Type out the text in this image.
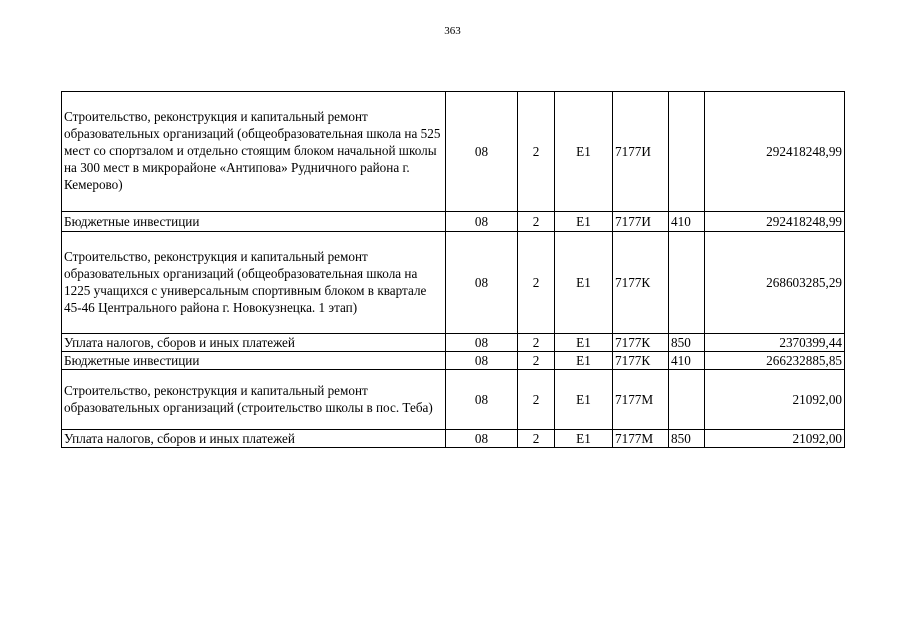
363
Строительство, реконструкция и капитальный ремонт образовательных организаций (общеобразовательная школа на 525 мест со спортзалом и отдельно стоящим блоком начальной школы на 300 мест в микрорайоне «Антипова» Рудничного района г. Кемерово)	08	2	Е1	7177И		292418248,99
Бюджетные инвестиции	08	2	Е1	7177И	410	292418248,99
Строительство, реконструкция и капитальный ремонт образовательных организаций (общеобразовательная школа на 1225 учащихся с универсальным спортивным блоком в квартале 45-46 Центрального района г. Новокузнецка. 1 этап)	08	2	Е1	7177К		268603285,29
Уплата налогов, сборов и иных платежей	08	2	Е1	7177К	850	2370399,44
Бюджетные инвестиции	08	2	Е1	7177К	410	266232885,85
Строительство, реконструкция и капитальный ремонт образовательных организаций (строительство школы в пос. Теба)	08	2	Е1	7177М		21092,00
Уплата налогов, сборов и иных платежей	08	2	Е1	7177М	850	21092,00
